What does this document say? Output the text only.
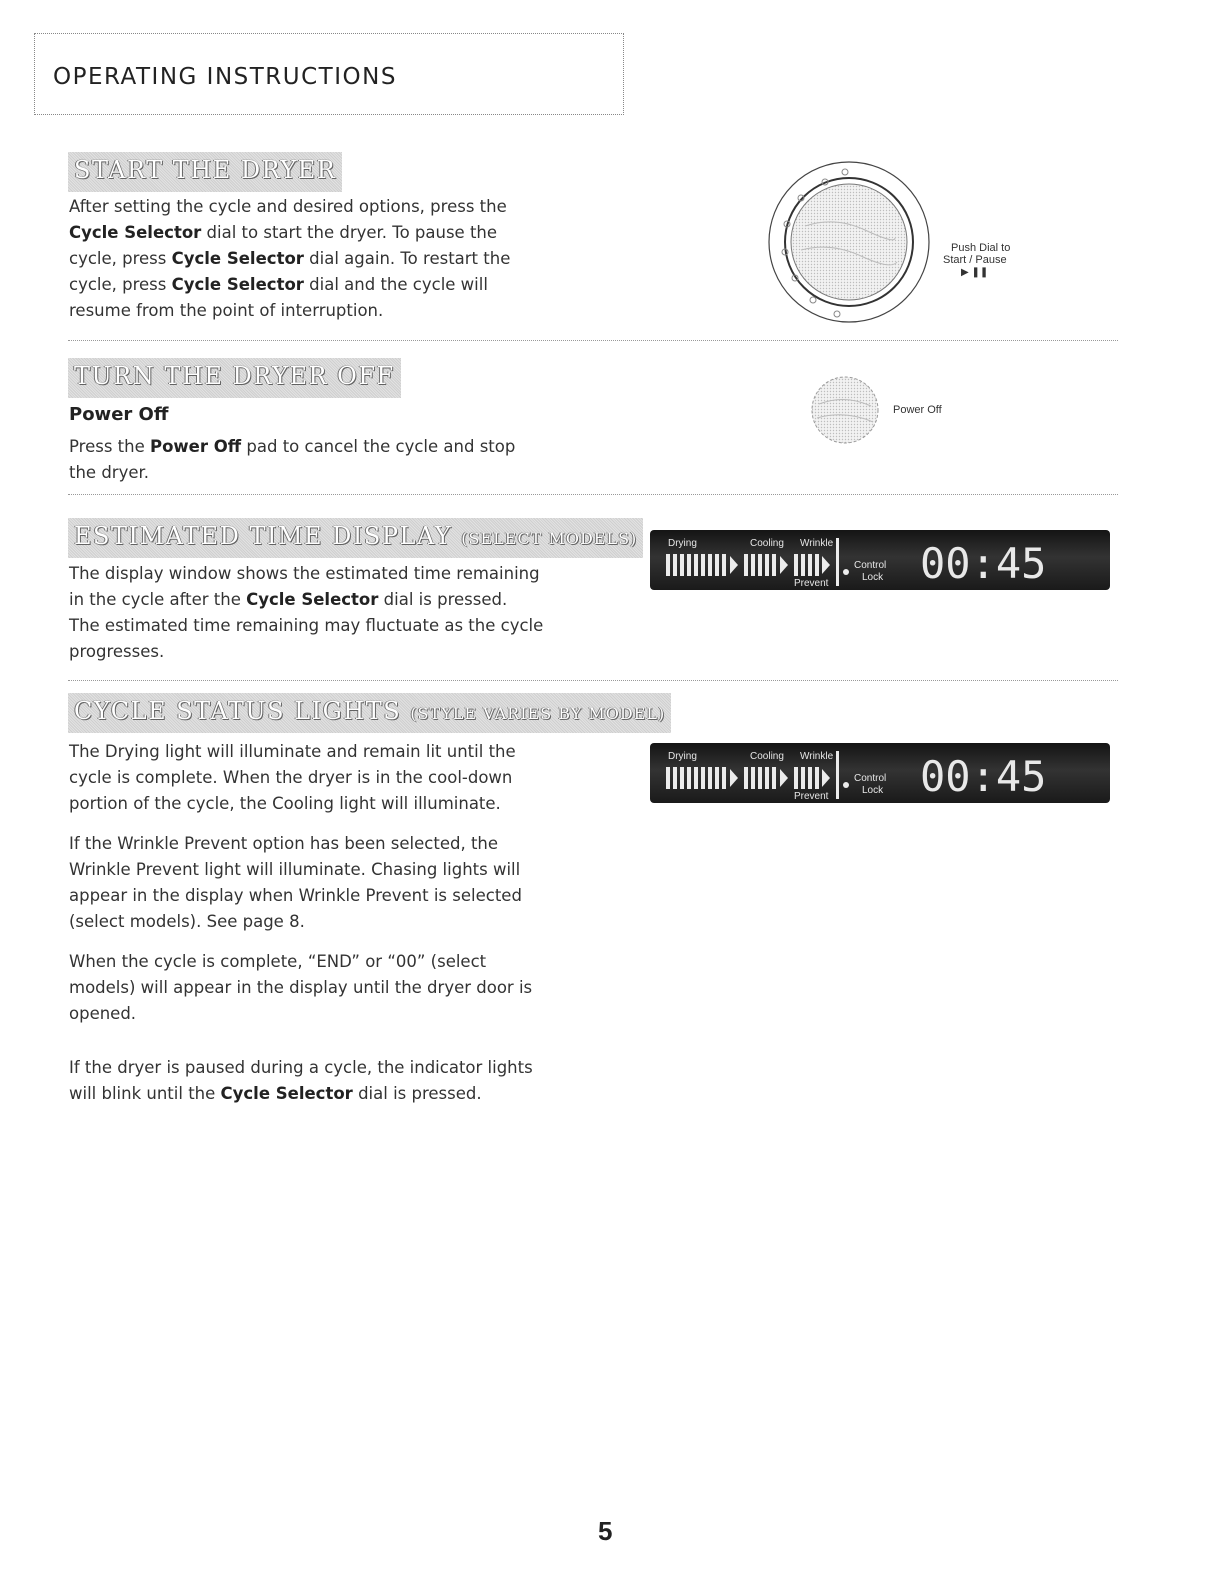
OPERATING INSTRUCTIONS
START THE DRYER
After setting the cycle and desired options, press the
Cycle Selector dial to start the dryer. To pause the
cycle, press Cycle Selector dial again. To restart the
cycle, press Cycle Selector dial and the cycle will
resume from the point of interruption.
Push Dial to
Start / Pause
▶ ❚❚
TURN THE DRYER OFF
Power Off
Press the Power Off pad to cancel the cycle and stop
the dryer.
Power Off
ESTIMATED TIME DISPLAY (SELECT MODELS)
The display window shows the estimated time remaining
in the cycle after the Cycle Selector dial is pressed.
The estimated time remaining may fluctuate as the cycle
progresses.
Drying	Cooling Wrinkle
Prevent
Control
Lock 00:45
CYCLE STATUS LIGHTS (STYLE VARIES BY MODEL)

The Drying light will illuminate and remain lit until the
cycle is complete. When the dryer is in the cool-down
portion of the cycle, the Cooling light will illuminate.

If the Wrinkle Prevent option has been selected, the
Wrinkle Prevent light will illuminate. Chasing lights will
appear in the display when Wrinkle Prevent is selected
(select models). See page 8.

When the cycle is complete, “END” or “00” (select
models) will appear in the display until the dryer door is
opened.

If the dryer is paused during a cycle, the indicator lights
will blink until the Cycle Selector dial is pressed.

Drying	Cooling Wrinkle
Prevent
Control
Lock 00:45
5
